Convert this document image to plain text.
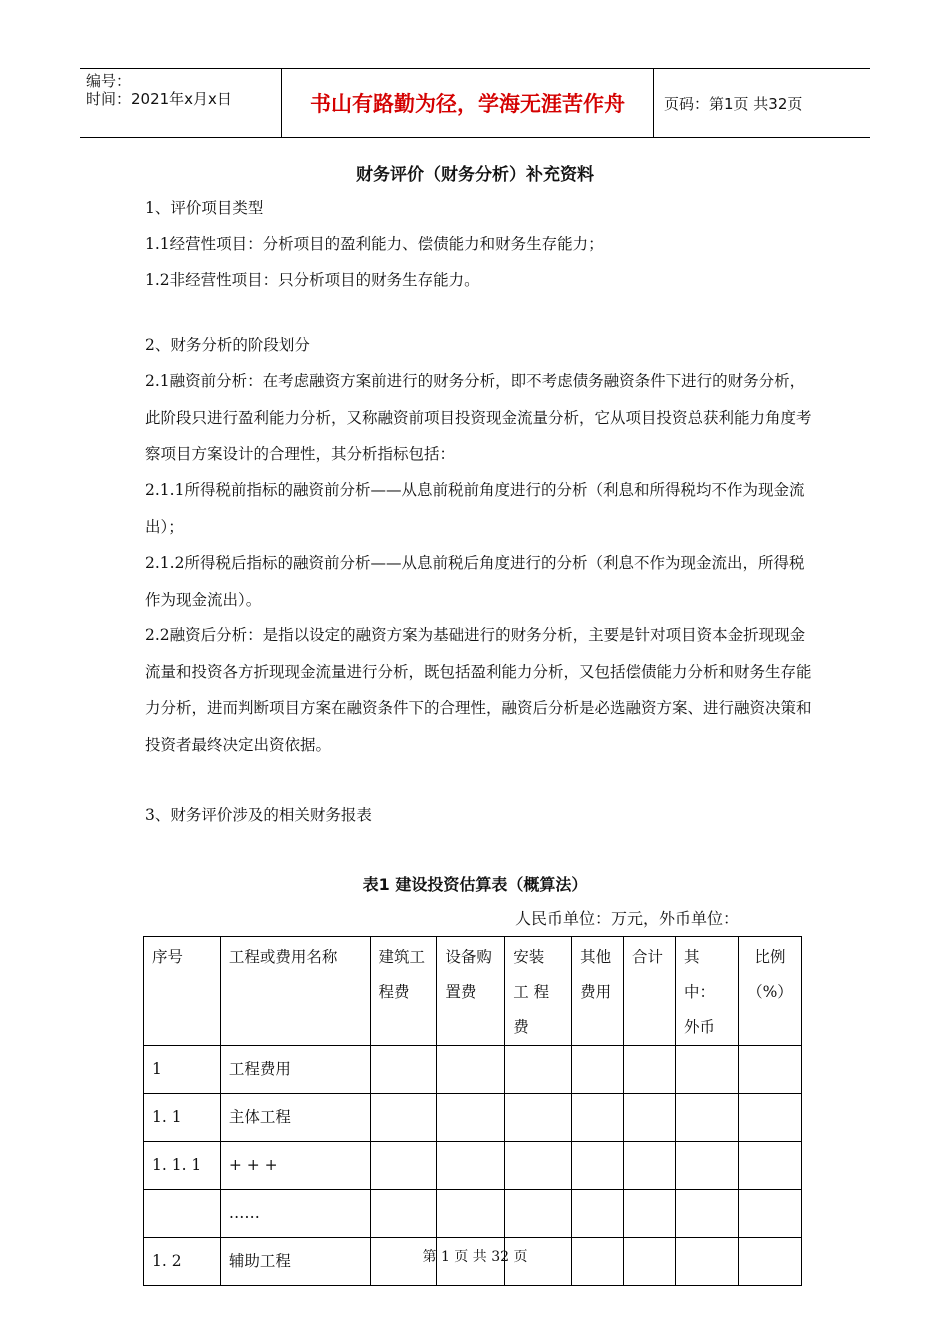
编号：
时间：2021年x月x日	书山有路勤为径，学海无涯苦作舟	页码：第1页 共32页
财务评价（财务分析）补充资料

1、评价项目类型

1.1经营性项目：分析项目的盈利能力、偿债能力和财务生存能力；

1.2非经营性项目：只分析项目的财务生存能力。

2、财务分析的阶段划分

2.1融资前分析：在考虑融资方案前进行的财务分析，即不考虑债务融资条件下进行的财务分析，此阶段只进行盈利能力分析，又称融资前项目投资现金流量分析，它从项目投资总获利能力角度考察项目方案设计的合理性，其分析指标包括：

2.1.1所得税前指标的融资前分析——从息前税前角度进行的分析（利息和所得税均不作为现金流出）；

2.1.2所得税后指标的融资前分析——从息前税后角度进行的分析（利息不作为现金流出，所得税作为现金流出）。

2.2融资后分析：是指以设定的融资方案为基础进行的财务分析，主要是针对项目资本金折现现金流量和投资各方折现现金流量进行分析，既包括盈利能力分析，又包括偿债能力分析和财务生存能力分析，进而判断项目方案在融资条件下的合理性，融资后分析是必选融资方案、进行融资决策和投资者最终决定出资依据。

3、财务评价涉及的相关财务报表

表1 建设投资估算表（概算法）
人民币单位：万元，外币单位：
序号	工程或费用名称	建筑工程费	设备购置费	安装 工 程费	其他费用	合计	其中：外币	比例（%）
1	工程费用							
1. 1	主体工程							
1. 1. 1	+ + +							
	……							
1. 2	辅助工程								第 1 页 共 32 页
